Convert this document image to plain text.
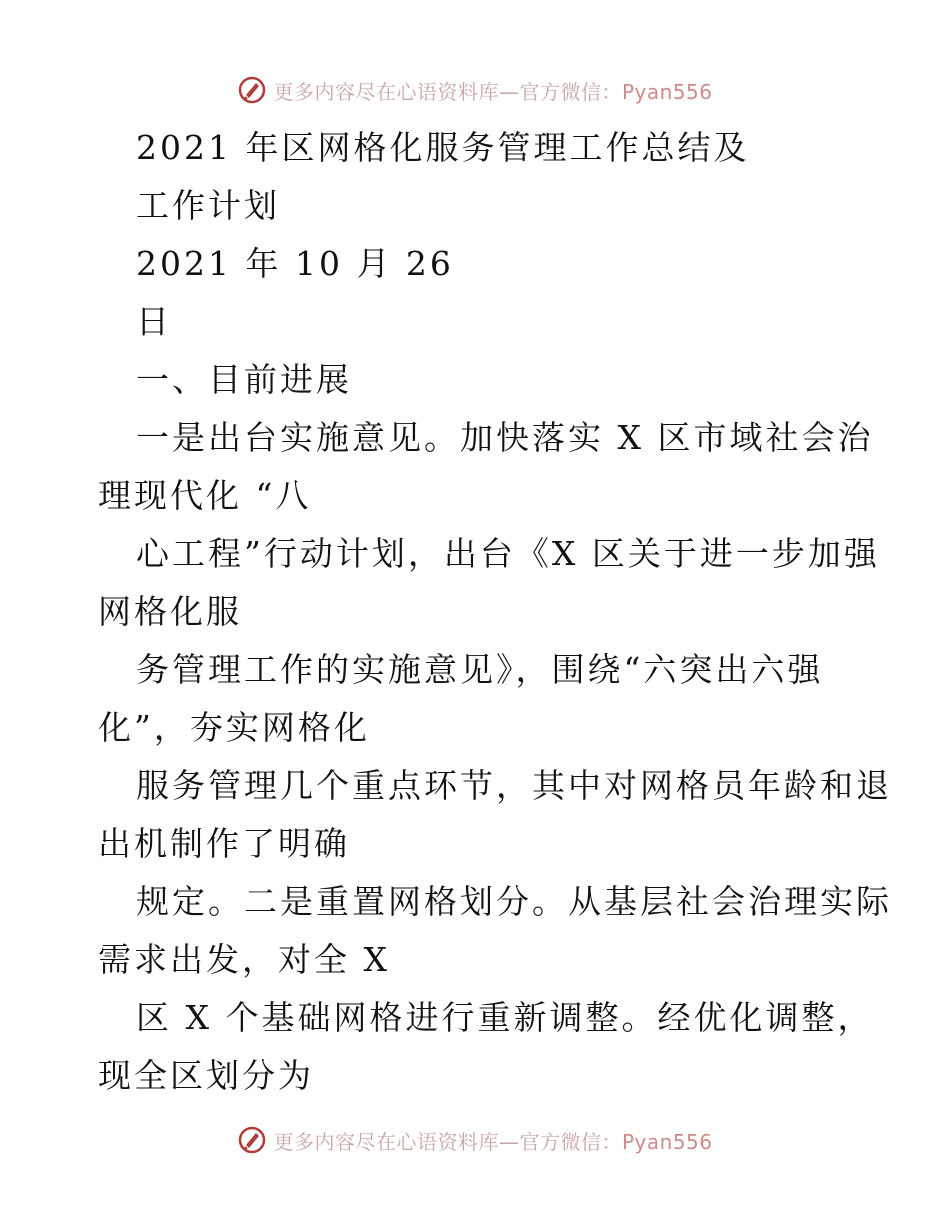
更多内容尽在心语资料库—官方微信：Pyan556
2021 年区网格化服务管理工作总结及
工作计划
2021 年 10 月 26
日
一、目前进展
一是出台实施意见。加快落实 X 区市域社会治
理现代化 “八
心工程”行动计划，出台《X 区关于进一步加强
网格化服
务管理工作的实施意见》，围绕“六突出六强
化”，夯实网格化
服务管理几个重点环节，其中对网格员年龄和退
出机制作了明确
规定。二是重置网格划分。从基层社会治理实际
需求出发，对全 X
区 X 个基础网格进行重新调整。经优化调整，
现全区划分为
更多内容尽在心语资料库—官方微信：Pyan556
